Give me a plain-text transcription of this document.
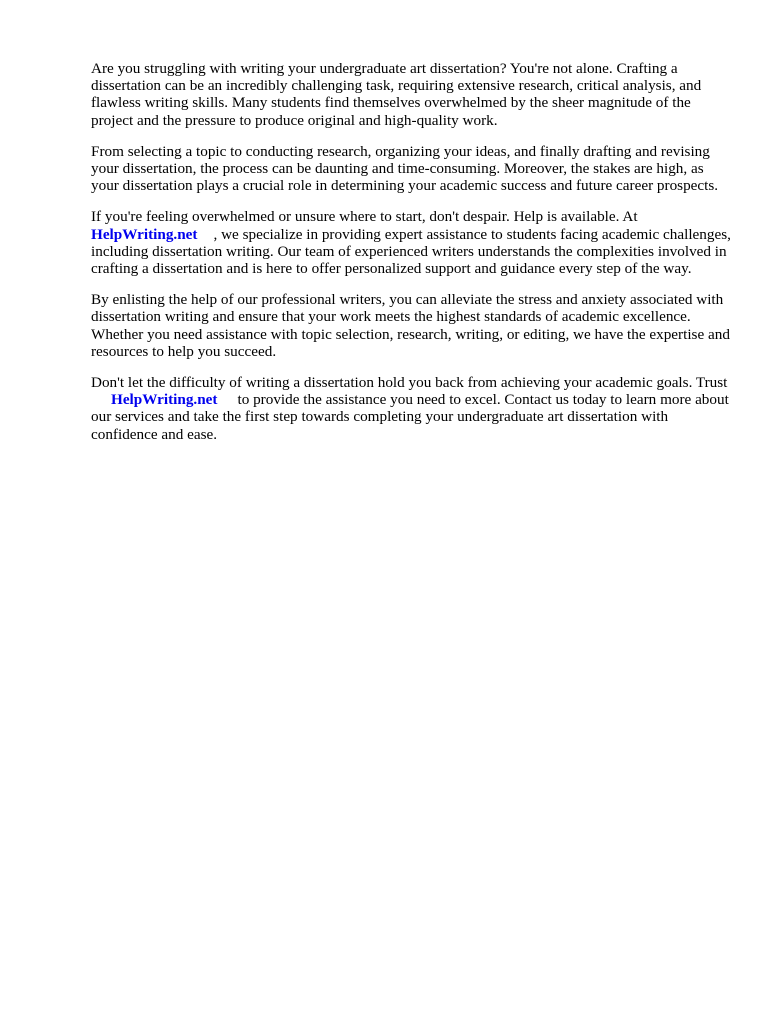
Are you struggling with writing your undergraduate art dissertation? You're not alone. Crafting a dissertation can be an incredibly challenging task, requiring extensive research, critical analysis, and flawless writing skills. Many students find themselves overwhelmed by the sheer magnitude of the project and the pressure to produce original and high-quality work.

From selecting a topic to conducting research, organizing your ideas, and finally drafting and revising your dissertation, the process can be daunting and time-consuming. Moreover, the stakes are high, as your dissertation plays a crucial role in determining your academic success and future career prospects.

If you're feeling overwhelmed or unsure where to start, don't despair. Help is available. At
HelpWriting.net , we specialize in providing expert assistance to students facing academic challenges, including dissertation writing. Our team of experienced writers understands the complexities involved in crafting a dissertation and is here to offer personalized support and guidance every step of the way.

By enlisting the help of our professional writers, you can alleviate the stress and anxiety associated with dissertation writing and ensure that your work meets the highest standards of academic excellence. Whether you need assistance with topic selection, research, writing, or editing, we have the expertise and resources to help you succeed.

Don't let the difficulty of writing a dissertation hold you back from achieving your academic goals. TrustHelpWriting.net to provide the assistance you need to excel. Contact us today to learn more about our services and take the first step towards completing your undergraduate art dissertation with confidence and ease.
